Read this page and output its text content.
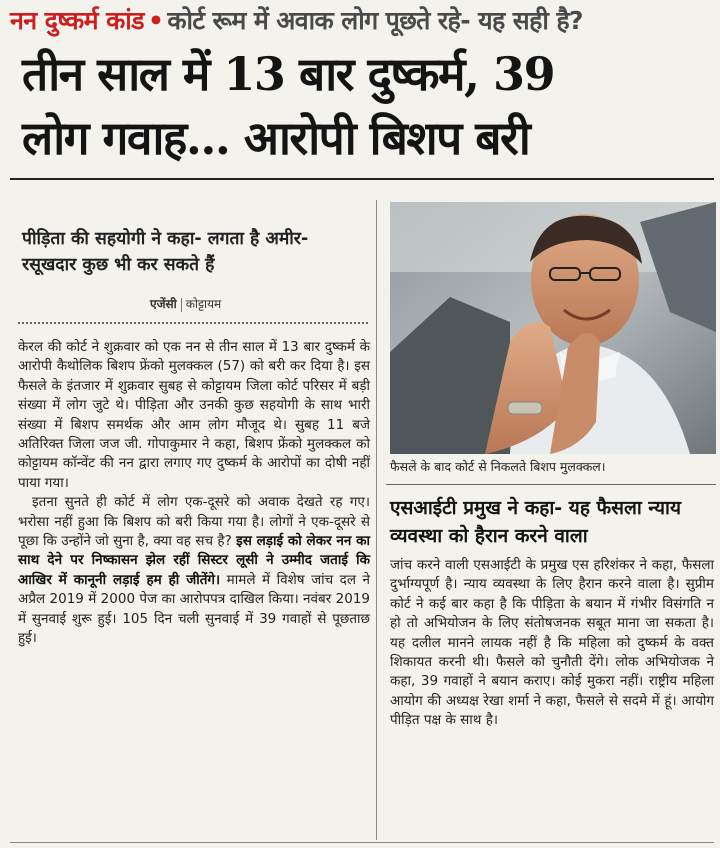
नन दुष्कर्म कांड • कोर्ट रूम में अवाक लोग पूछते रहे- यह सही है?
तीन साल में 13 बार दुष्कर्म, 39
लोग गवाह... आरोपी बिशप बरी
पीड़िता की सहयोगी ने कहा- लगता है अमीर-रसूखदार कुछ भी कर सकते हैं
एजेंसी कोट्टायम

केरल की कोर्ट ने शुक्रवार को एक नन से तीन साल में 13 बार दुष्कर्म के आरोपी कैथोलिक बिशप फ्रेंको मुलक्कल (57) को बरी कर दिया है। इस फैसले के इंतजार में शुक्रवार सुबह से कोट्टायम जिला कोर्ट परिसर में बड़ी संख्या में लोग जुटे थे। पीड़िता और उनकी कुछ सहयोगी के साथ भारी संख्या में बिशप समर्थक और आम लोग मौजूद थे। सुबह 11 बजे अतिरिक्त जिला जज जी. गोपाकुमार ने कहा, बिशप फ्रेंको मुलक्कल को कोट्टायम कॉन्वेंट की नन द्वारा लगाए गए दुष्कर्म के आरोपों का दोषी नहीं पाया गया।

इतना सुनते ही कोर्ट में लोग एक-दूसरे को अवाक देखते रह गए। भरोसा नहीं हुआ कि बिशप को बरी किया गया है। लोगों ने एक-दूसरे से पूछा कि उन्होंने जो सुना है, क्या वह सच है? इस लड़ाई को लेकर नन का साथ देने पर निष्कासन झेल रहीं सिस्टर लूसी ने उम्मीद जताई कि आखिर में कानूनी लड़ाई हम ही जीतेंगे। मामले में विशेष जांच दल ने अप्रैल 2019 में 2000 पेज का आरोपपत्र दाखिल किया। नवंबर 2019 में सुनवाई शुरू हुई। 105 दिन चली सुनवाई में 39 गवाहों से पूछताछ हुई।

फैसले के बाद कोर्ट से निकलते बिशप मुलक्कल।
एसआईटी प्रमुख ने कहा- यह फैसला न्याय व्यवस्था को हैरान करने वाला
जांच करने वाली एसआईटी के प्रमुख एस हरिशंकर ने कहा, फैसला दुर्भाग्यपूर्ण है। न्याय व्यवस्था के लिए हैरान करने वाला है। सुप्रीम कोर्ट ने कई बार कहा है कि पीड़िता के बयान में गंभीर विसंगति न हो तो अभियोजन के लिए संतोषजनक सबूत माना जा सकता है। यह दलील मानने लायक नहीं है कि महिला को दुष्कर्म के वक्त शिकायत करनी थी। फैसले को चुनौती देंगे। लोक अभियोजक ने कहा, 39 गवाहों ने बयान कराए। कोई मुकरा नहीं। राष्ट्रीय महिला आयोग की अध्यक्ष रेखा शर्मा ने कहा, फैसले से सदमे में हूं। आयोग पीड़ित पक्ष के साथ है।
